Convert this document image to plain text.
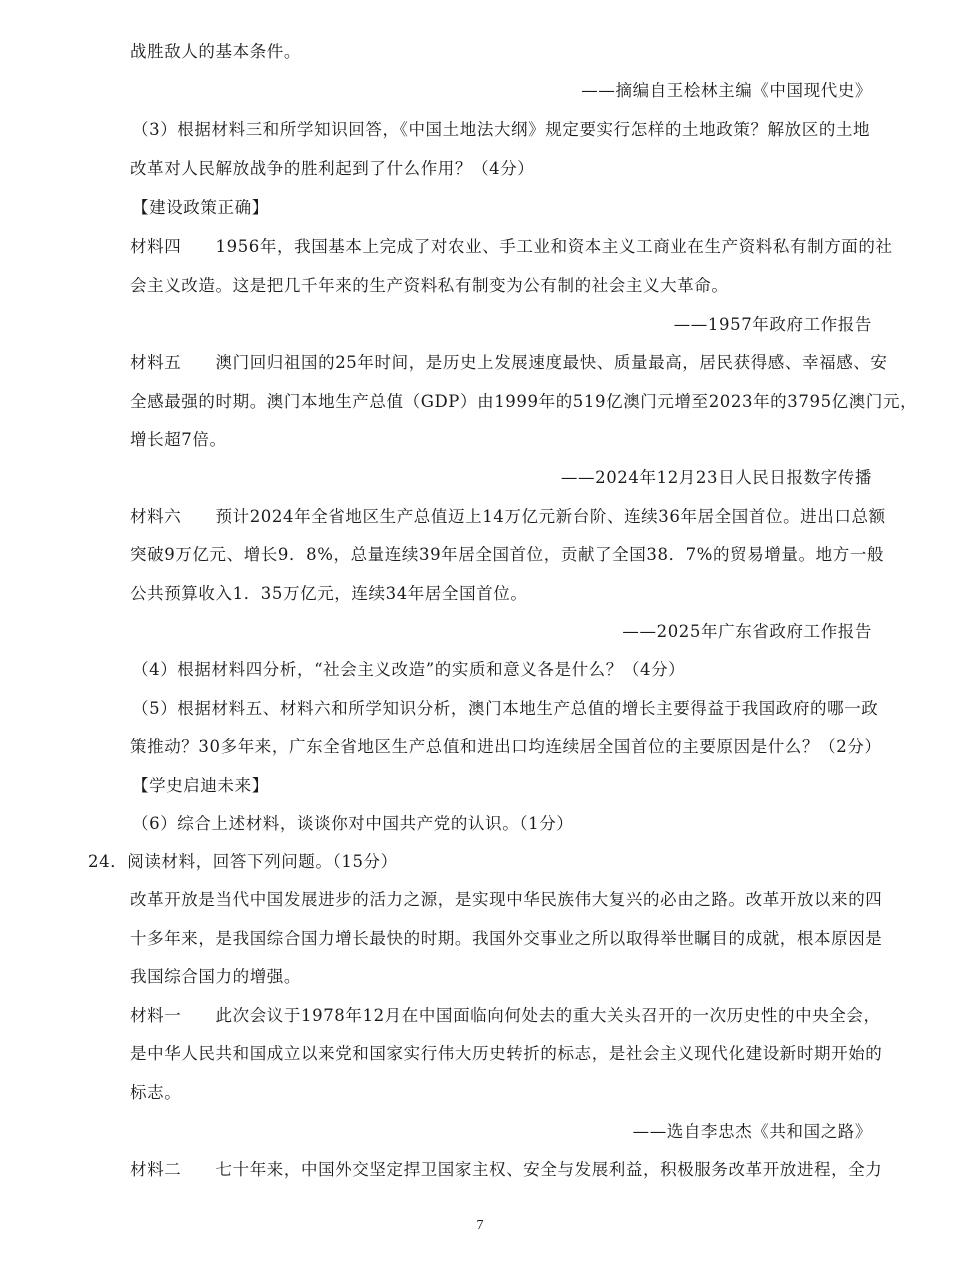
战胜敌人的基本条件。
——摘编自王桧林主编《中国现代史》
（3）根据材料三和所学知识回答，《中国土地法大纲》规定要实行怎样的土地政策？解放区的土地
改革对人民解放战争的胜利起到了什么作用？（4分）
【建设政策正确】
材料四　　1956年，我国基本上完成了对农业、手工业和资本主义工商业在生产资料私有制方面的社
会主义改造。这是把几千年来的生产资料私有制变为公有制的社会主义大革命。
——1957年政府工作报告
材料五　　澳门回归祖国的25年时间，是历史上发展速度最快、质量最高，居民获得感、幸福感、安
全感最强的时期。澳门本地生产总值（GDP）由1999年的519亿澳门元增至2023年的3795亿澳门元，
增长超7倍。
——2024年12月23日人民日报数字传播
材料六　　预计2024年全省地区生产总值迈上14万亿元新台阶、连续36年居全国首位。进出口总额
突破9万亿元、增长9．8%，总量连续39年居全国首位，贡献了全国38．7%的贸易增量。地方一般
公共预算收入1．35万亿元，连续34年居全国首位。
——2025年广东省政府工作报告
（4）根据材料四分析，“社会主义改造”的实质和意义各是什么？（4分）
（5）根据材料五、材料六和所学知识分析，澳门本地生产总值的增长主要得益于我国政府的哪一政
策推动？30多年来，广东全省地区生产总值和进出口均连续居全国首位的主要原因是什么？（2分）
【学史启迪未来】
（6）综合上述材料，谈谈你对中国共产党的认识。（1分）
24．阅读材料，回答下列问题。（15分）
改革开放是当代中国发展进步的活力之源，是实现中华民族伟大复兴的必由之路。改革开放以来的四
十多年来，是我国综合国力增长最快的时期。我国外交事业之所以取得举世瞩目的成就，根本原因是
我国综合国力的增强。
材料一　　此次会议于1978年12月在中国面临向何处去的重大关头召开的一次历史性的中央全会，
是中华人民共和国成立以来党和国家实行伟大历史转折的标志，是社会主义现代化建设新时期开始的
标志。
——选自李忠杰《共和国之路》
材料二　　七十年来，中国外交坚定捍卫国家主权、安全与发展利益，积极服务改革开放进程，全力
7
